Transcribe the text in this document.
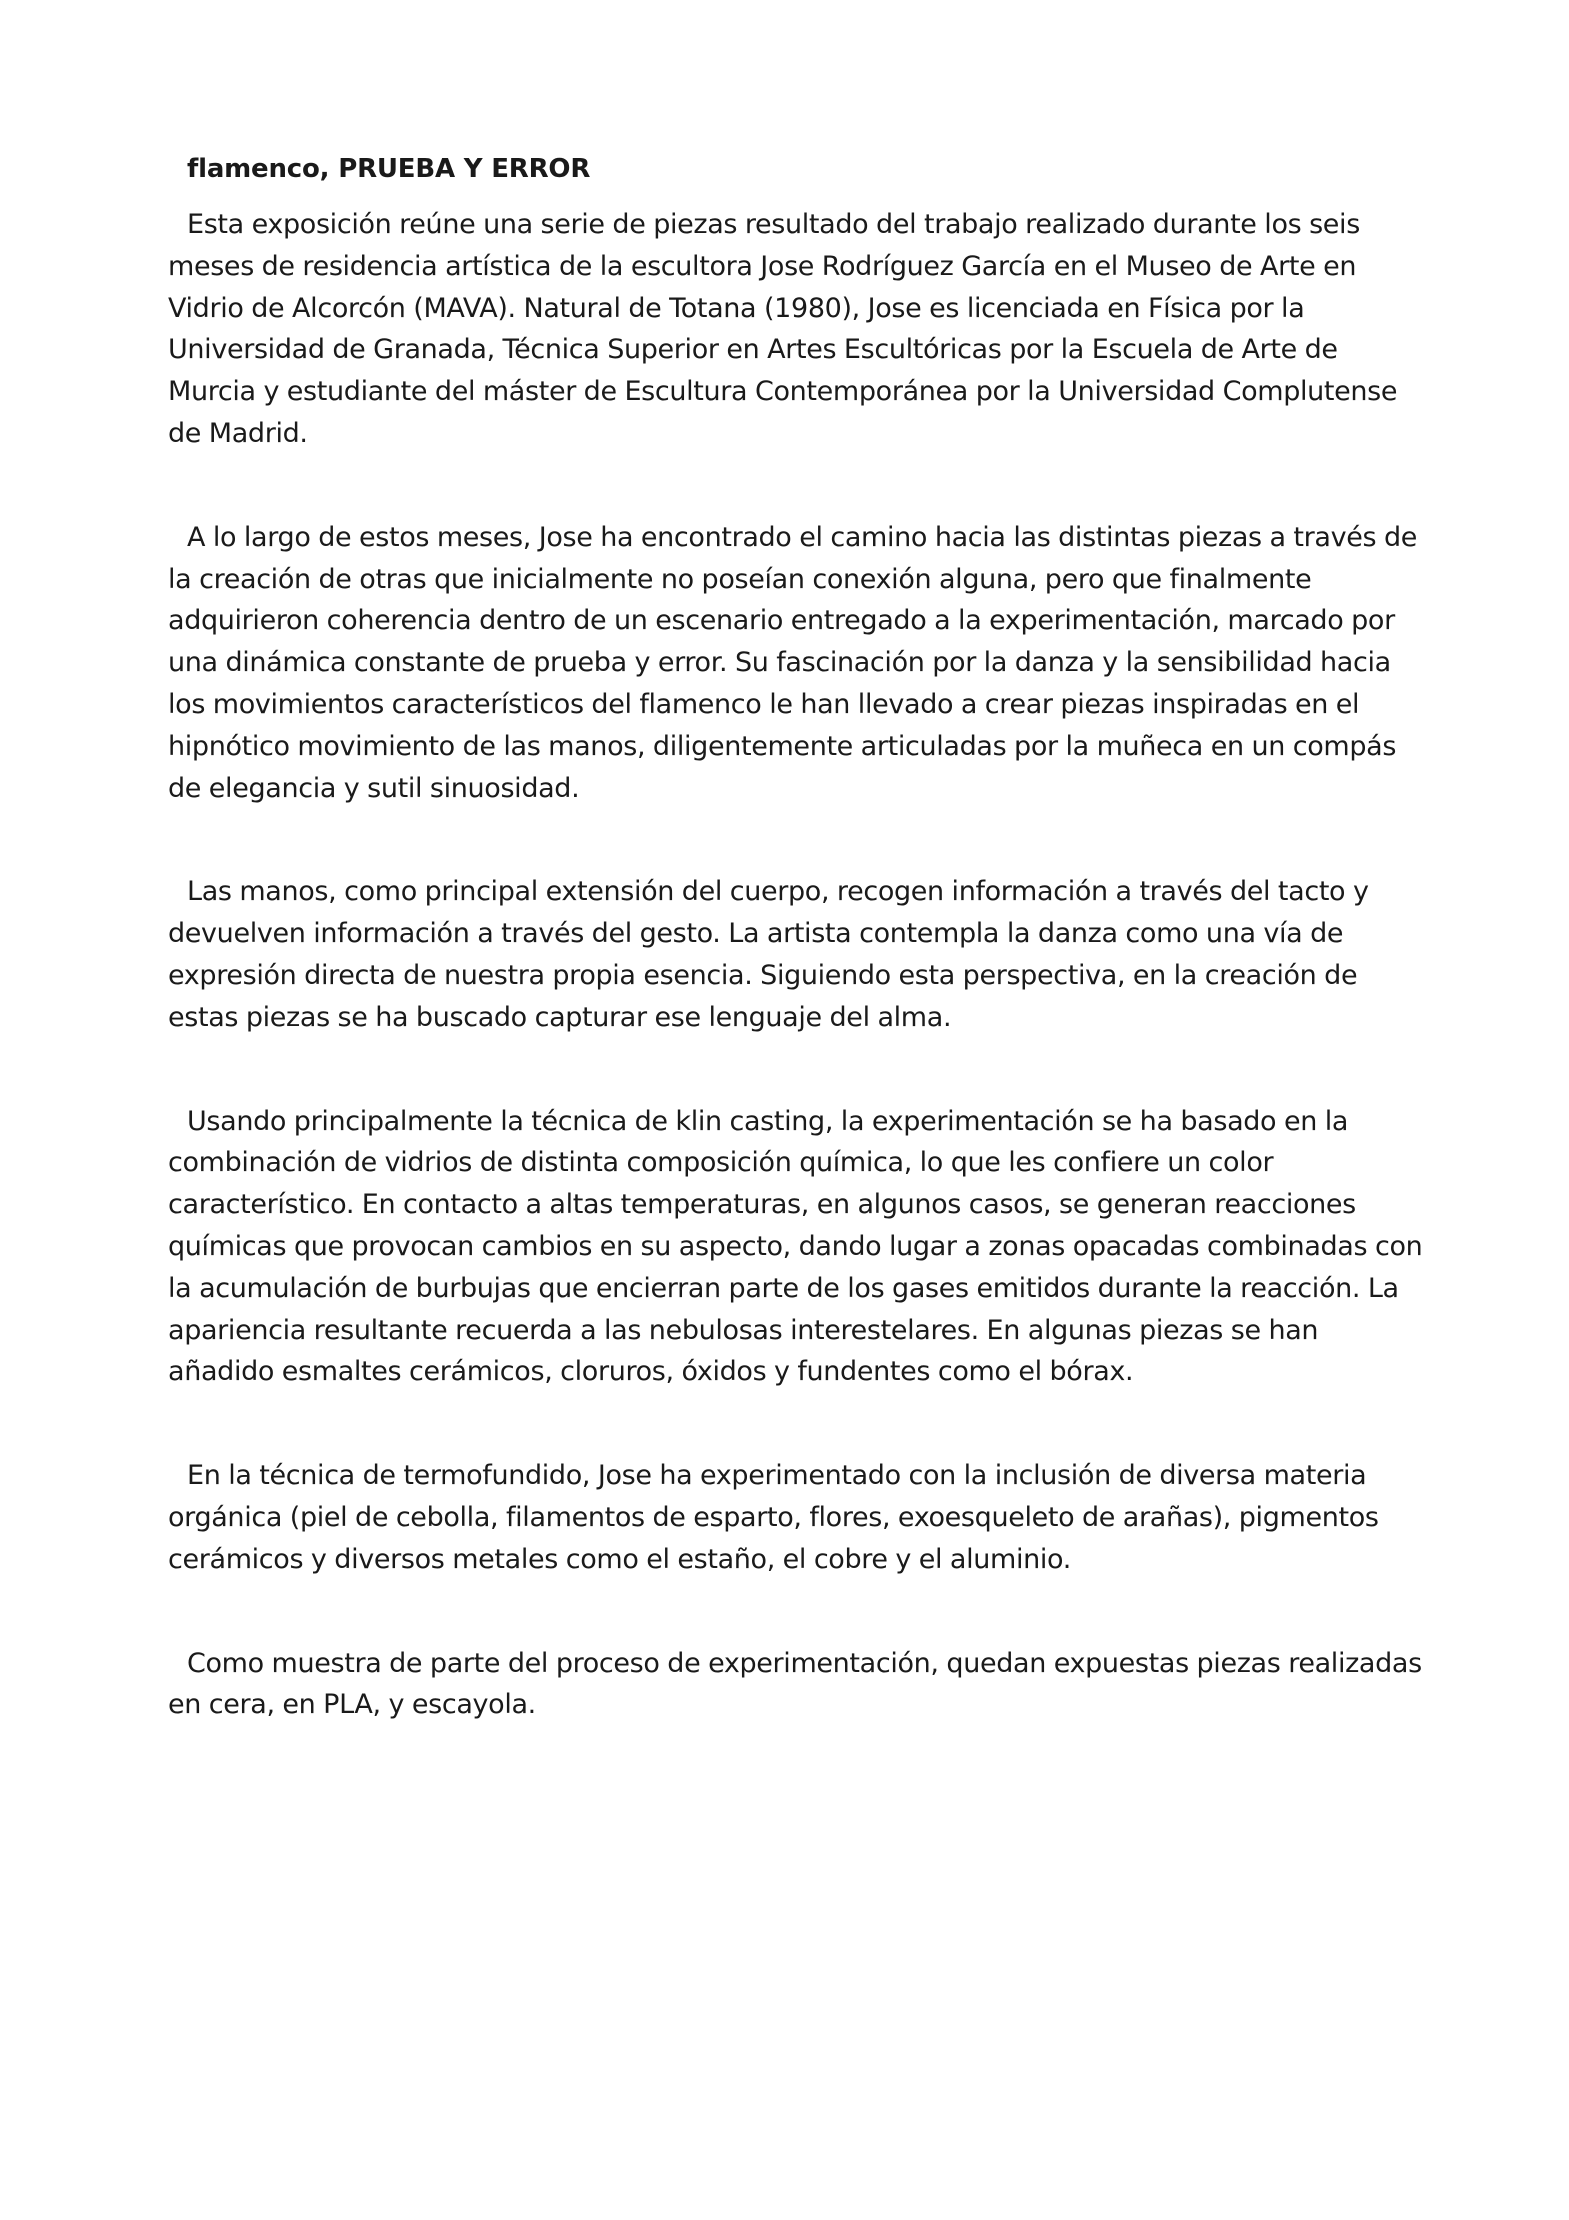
flamenco, PRUEBA Y ERROR

Esta exposición reúne una serie de piezas resultado del trabajo realizado durante los seis meses de residencia artística de la escultora Jose Rodríguez García en el Museo de Arte en Vidrio de Alcorcón (MAVA). Natural de Totana (1980), Jose es licenciada en Física por la Universidad de Granada, Técnica Superior en Artes Escultóricas por la Escuela de Arte de Murcia y estudiante del máster de Escultura Contemporánea por la Universidad Complutense de Madrid.

A lo largo de estos meses, Jose ha encontrado el camino hacia las distintas piezas a través de la creación de otras que inicialmente no poseían conexión alguna, pero que finalmente adquirieron coherencia dentro de un escenario entregado a la experimentación, marcado por una dinámica constante de prueba y error. Su fascinación por la danza y la sensibilidad hacia los movimientos característicos del flamenco le han llevado a crear piezas inspiradas en el hipnótico movimiento de las manos, diligentemente articuladas por la muñeca en un compás de elegancia y sutil sinuosidad.

Las manos, como principal extensión del cuerpo, recogen información a través del tacto y devuelven información a través del gesto. La artista contempla la danza como una vía de expresión directa de nuestra propia esencia. Siguiendo esta perspectiva, en la creación de estas piezas se ha buscado capturar ese lenguaje del alma.

Usando principalmente la técnica de klin casting, la experimentación se ha basado en la combinación de vidrios de distinta composición química, lo que les confiere un color característico. En contacto a altas temperaturas, en algunos casos, se generan reacciones químicas que provocan cambios en su aspecto, dando lugar a zonas opacadas combinadas con la acumulación de burbujas que encierran parte de los gases emitidos durante la reacción. La apariencia resultante recuerda a las nebulosas interestelares. En algunas piezas se han añadido esmaltes cerámicos, cloruros, óxidos y fundentes como el bórax.

En la técnica de termofundido, Jose ha experimentado con la inclusión de diversa materia orgánica (piel de cebolla, filamentos de esparto, flores, exoesqueleto de arañas), pigmentos cerámicos y diversos metales como el estaño, el cobre y el aluminio.

Como muestra de parte del proceso de experimentación, quedan expuestas piezas realizadas en cera, en PLA, y escayola.
